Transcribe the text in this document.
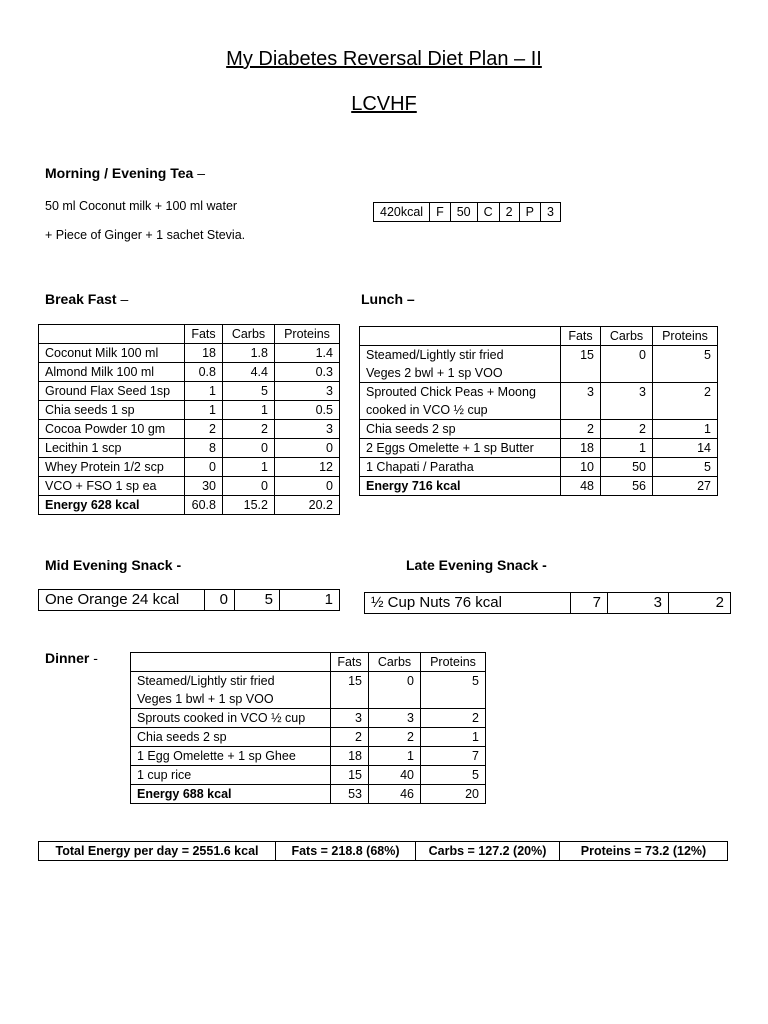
My Diabetes Reversal Diet Plan – II
LCVHF
Morning / Evening Tea –
50 ml Coconut milk + 100 ml water
+ Piece of Ginger + 1 sachet Stevia.
420kcal	F	50	C	2	P	3
Break Fast –
	Fats	Carbs	Proteins
Coconut Milk 100 ml	18	1.8	1.4
Almond Milk 100 ml	0.8	4.4	0.3
Ground Flax Seed 1sp	1	5	3
Chia seeds 1 sp	1	1	0.5
Cocoa Powder 10 gm	2	2	3
Lecithin 1 scp	8	0	0
Whey Protein 1/2 scp	0	1	12
VCO + FSO 1 sp ea	30	0	0
Energy 628 kcal	60.8	15.2	20.2
Lunch –
	Fats	Carbs	Proteins

Steamed/Lightly stir fried
Veges 2 bwl + 1 sp VOO	15	0	5

Sprouted Chick Peas + Moong
cooked in VCO ½ cup	3	3	2
Chia seeds 2 sp	2	2	1
2 Eggs Omelette + 1 sp Butter	18	1	14
1 Chapati / Paratha	10	50	5
Energy 716 kcal	48	56	27
Mid Evening Snack -
One Orange 24 kcal	0	5	1
Late Evening Snack -
½ Cup Nuts 76 kcal	7	3	2
Dinner -
		Fats	Carbs	Proteins

Steamed/Lightly stir fried
Veges 1 bwl + 1 sp VOO	15	0	5
Sprouts cooked in VCO ½ cup	3	3	2
Chia seeds 2 sp	2	2	1
1 Egg Omelette + 1 sp Ghee	18	1	7
1 cup rice	15	40	5
Energy 688 kcal	53	46	20
Total Energy per day = 2551.6 kcal	Fats = 218.8 (68%)	Carbs = 127.2 (20%)	Proteins = 73.2 (12%)
